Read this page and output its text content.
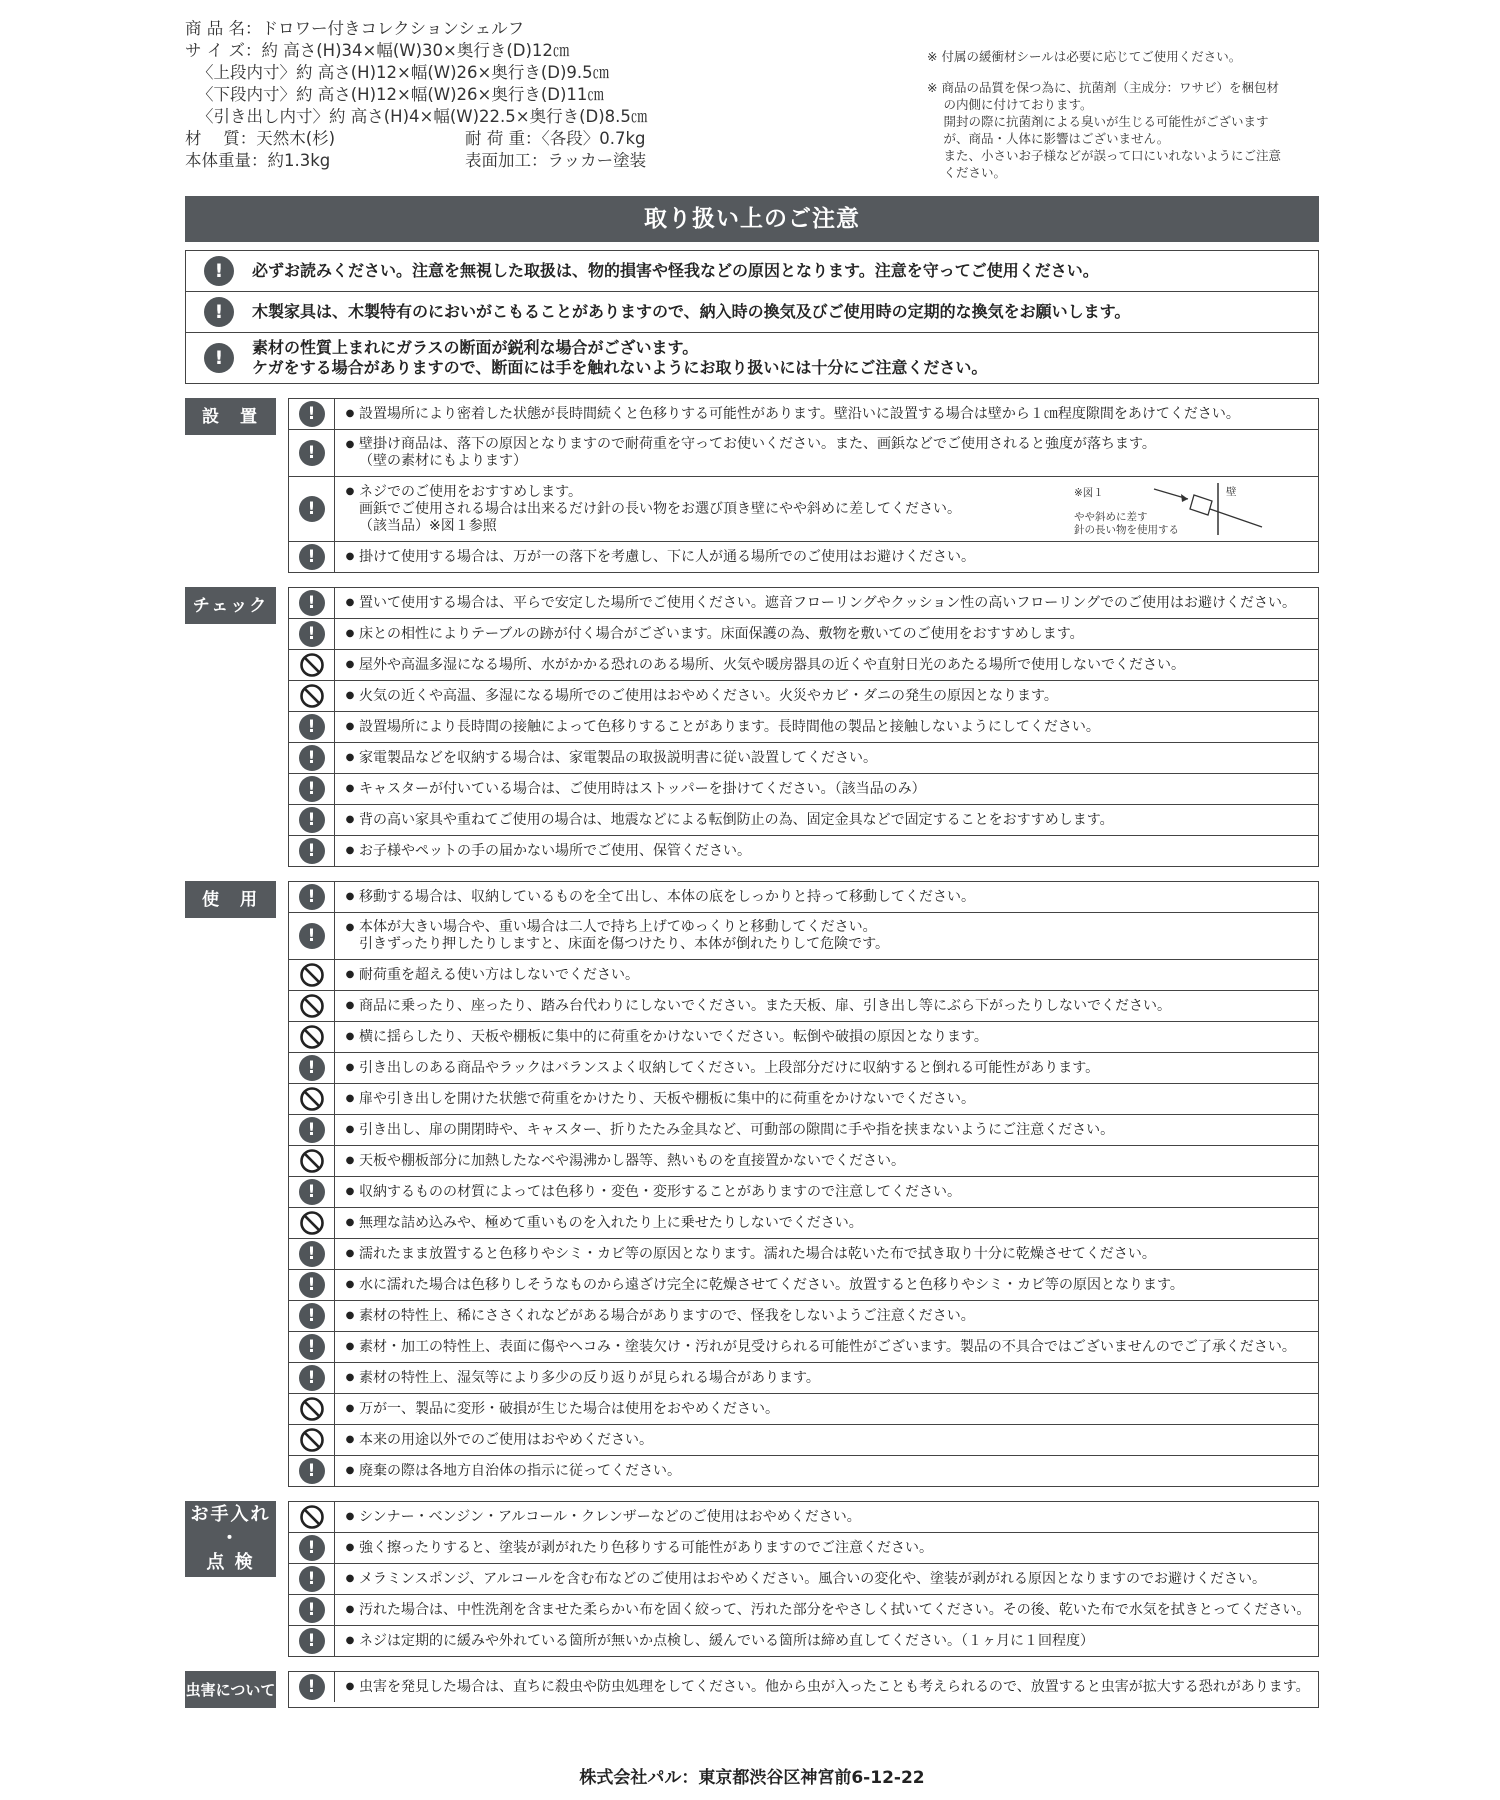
商 品 名：ドロワー付きコレクションシェルフ
サ イ ズ：約 高さ(H)34×幅(W)30×奥行き(D)12㎝
〈上段内寸〉約 高さ(H)12×幅(W)26×奥行き(D)9.5㎝
〈下段内寸〉約 高さ(H)12×幅(W)26×奥行き(D)11㎝
〈引き出し内寸〉約 高さ(H)4×幅(W)22.5×奥行き(D)8.5㎝
材　 質：天然木(杉)	耐 荷 重：〈各段〉0.7kg
本体重量：約1.3kg	表面加工：ラッカー塗装
※ 付属の緩衝材シールは必要に応じてご使用ください。
※ 商品の品質を保つ為に、抗菌剤（主成分：ワサビ）を梱包材
　 の内側に付けております。
　 開封の際に抗菌剤による臭いが生じる可能性がございます
　 が、商品・人体に影響はございません。
　 また、小さいお子様などが誤って口にいれないようにご注意
　 ください。
取り扱い上のご注意
!	必ずお読みください。注意を無視した取扱は、物的損害や怪我などの原因となります。注意を守ってご使用ください。
!	木製家具は、木製特有のにおいがこもることがありますので、納入時の換気及びご使用時の定期的な換気をお願いします。
!	素材の性質上まれにガラスの断面が鋭利な場合がございます。
ケガをする場合がありますので、断面には手を触れないようにお取り扱いには十分にご注意ください。
設　置	!	● 設置場所により密着した状態が長時間続くと色移りする可能性があります。壁沿いに設置する場合は壁から１㎝程度隙間をあけてください。
!	● 壁掛け商品は、落下の原因となりますので耐荷重を守ってお使いください。また、画鋲などでご使用されると強度が落ちます。
（壁の素材にもよります）
!
● ネジでのご使用をおすすめします。
画鋲でご使用される場合は出来るだけ針の長い物をお選び頂き壁にやや斜めに差してください。
（該当品）※図１参照
※図１	壁
やや斜めに差す
針の長い物を使用する
!	● 掛けて使用する場合は、万が一の落下を考慮し、下に人が通る場所でのご使用はお避けください。
チェック	!	● 置いて使用する場合は、平らで安定した場所でご使用ください。遮音フローリングやクッション性の高いフローリングでのご使用はお避けください。
!	● 床との相性によりテーブルの跡が付く場合がございます。床面保護の為、敷物を敷いてのご使用をおすすめします。
● 屋外や高温多湿になる場所、水がかかる恐れのある場所、火気や暖房器具の近くや直射日光のあたる場所で使用しないでください。
● 火気の近くや高温、多湿になる場所でのご使用はおやめください。火災やカビ・ダニの発生の原因となります。
!	● 設置場所により長時間の接触によって色移りすることがあります。長時間他の製品と接触しないようにしてください。
!	● 家電製品などを収納する場合は、家電製品の取扱説明書に従い設置してください。
!	● キャスターが付いている場合は、ご使用時はストッパーを掛けてください。（該当品のみ）
!	● 背の高い家具や重ねてご使用の場合は、地震などによる転倒防止の為、固定金具などで固定することをおすすめします。
!	● お子様やペットの手の届かない場所でご使用、保管ください。
使　用	!	● 移動する場合は、収納しているものを全て出し、本体の底をしっかりと持って移動してください。
!	● 本体が大きい場合や、重い場合は二人で持ち上げてゆっくりと移動してください。
引きずったり押したりしますと、床面を傷つけたり、本体が倒れたりして危険です。
● 耐荷重を超える使い方はしないでください。
● 商品に乗ったり、座ったり、踏み台代わりにしないでください。また天板、扉、引き出し等にぶら下がったりしないでください。
● 横に揺らしたり、天板や棚板に集中的に荷重をかけないでください。転倒や破損の原因となります。
!	● 引き出しのある商品やラックはバランスよく収納してください。上段部分だけに収納すると倒れる可能性があります。
● 扉や引き出しを開けた状態で荷重をかけたり、天板や棚板に集中的に荷重をかけないでください。
!	● 引き出し、扉の開閉時や、キャスター、折りたたみ金具など、可動部の隙間に手や指を挟まないようにご注意ください。
● 天板や棚板部分に加熱したなべや湯沸かし器等、熱いものを直接置かないでください。
!	● 収納するものの材質によっては色移り・変色・変形することがありますので注意してください。
● 無理な詰め込みや、極めて重いものを入れたり上に乗せたりしないでください。
!	● 濡れたまま放置すると色移りやシミ・カビ等の原因となります。濡れた場合は乾いた布で拭き取り十分に乾燥させてください。
!	● 水に濡れた場合は色移りしそうなものから遠ざけ完全に乾燥させてください。放置すると色移りやシミ・カビ等の原因となります。
!	● 素材の特性上、稀にささくれなどがある場合がありますので、怪我をしないようご注意ください。
!	● 素材・加工の特性上、表面に傷やヘコみ・塗装欠け・汚れが見受けられる可能性がございます。製品の不具合ではございませんのでご了承ください。
!	● 素材の特性上、湿気等により多少の反り返りが見られる場合があります。
● 万が一、製品に変形・破損が生じた場合は使用をおやめください。
● 本来の用途以外でのご使用はおやめください。
!	● 廃棄の際は各地方自治体の指示に従ってください。
お手入れ
・
点 検
● シンナー・ベンジン・アルコール・クレンザーなどのご使用はおやめください。
!	● 強く擦ったりすると、塗装が剥がれたり色移りする可能性がありますのでご注意ください。
!	● メラミンスポンジ、アルコールを含む布などのご使用はおやめください。風合いの変化や、塗装が剥がれる原因となりますのでお避けください。
!	● 汚れた場合は、中性洗剤を含ませた柔らかい布を固く絞って、汚れた部分をやさしく拭いてください。その後、乾いた布で水気を拭きとってください。
!	● ネジは定期的に緩みや外れている箇所が無いか点検し、緩んでいる箇所は締め直してください。（１ヶ月に１回程度）
虫害について	!	● 虫害を発見した場合は、直ちに殺虫や防虫処理をしてください。他から虫が入ったことも考えられるので、放置すると虫害が拡大する恐れがあります。
株式会社パル：東京都渋谷区神宮前6-12-22
